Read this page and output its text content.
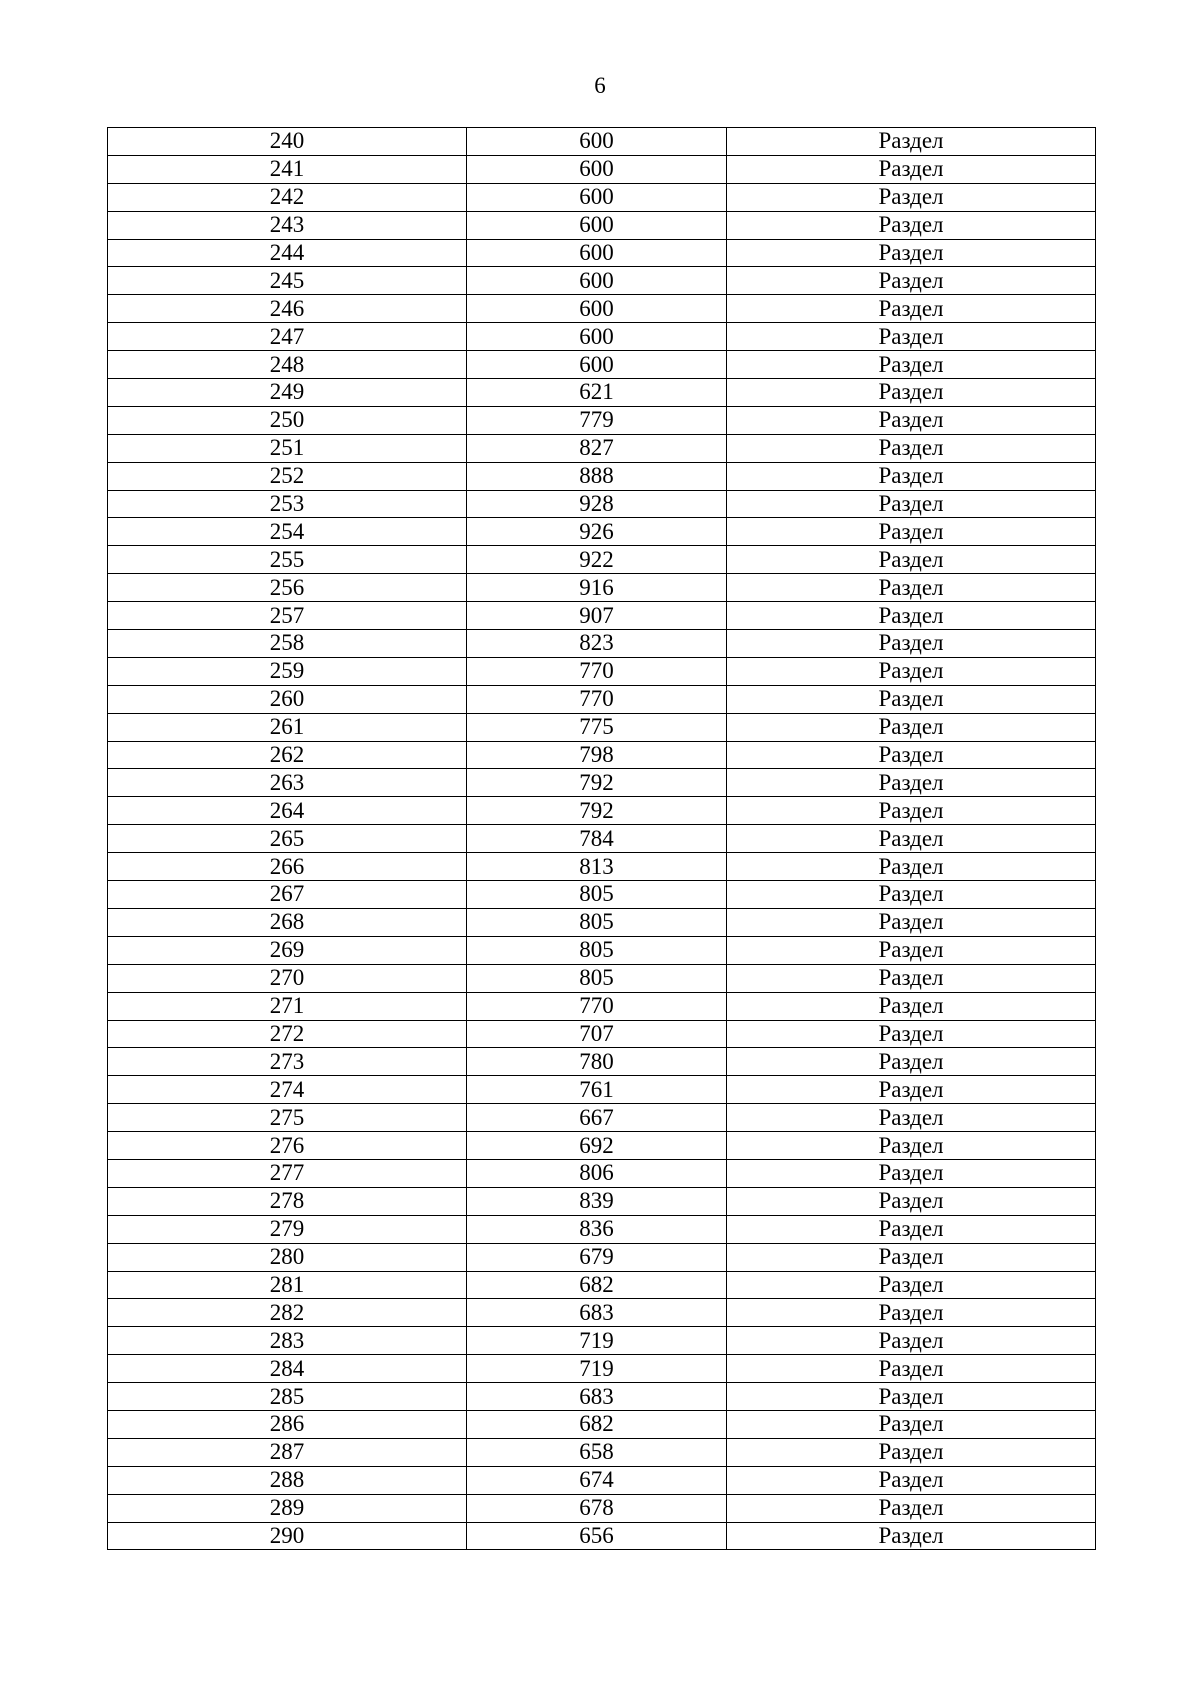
6
240	600	Раздел
241	600	Раздел
242	600	Раздел
243	600	Раздел
244	600	Раздел
245	600	Раздел
246	600	Раздел
247	600	Раздел
248	600	Раздел
249	621	Раздел
250	779	Раздел
251	827	Раздел
252	888	Раздел
253	928	Раздел
254	926	Раздел
255	922	Раздел
256	916	Раздел
257	907	Раздел
258	823	Раздел
259	770	Раздел
260	770	Раздел
261	775	Раздел
262	798	Раздел
263	792	Раздел
264	792	Раздел
265	784	Раздел
266	813	Раздел
267	805	Раздел
268	805	Раздел
269	805	Раздел
270	805	Раздел
271	770	Раздел
272	707	Раздел
273	780	Раздел
274	761	Раздел
275	667	Раздел
276	692	Раздел
277	806	Раздел
278	839	Раздел
279	836	Раздел
280	679	Раздел
281	682	Раздел
282	683	Раздел
283	719	Раздел
284	719	Раздел
285	683	Раздел
286	682	Раздел
287	658	Раздел
288	674	Раздел
289	678	Раздел
290	656	Раздел
